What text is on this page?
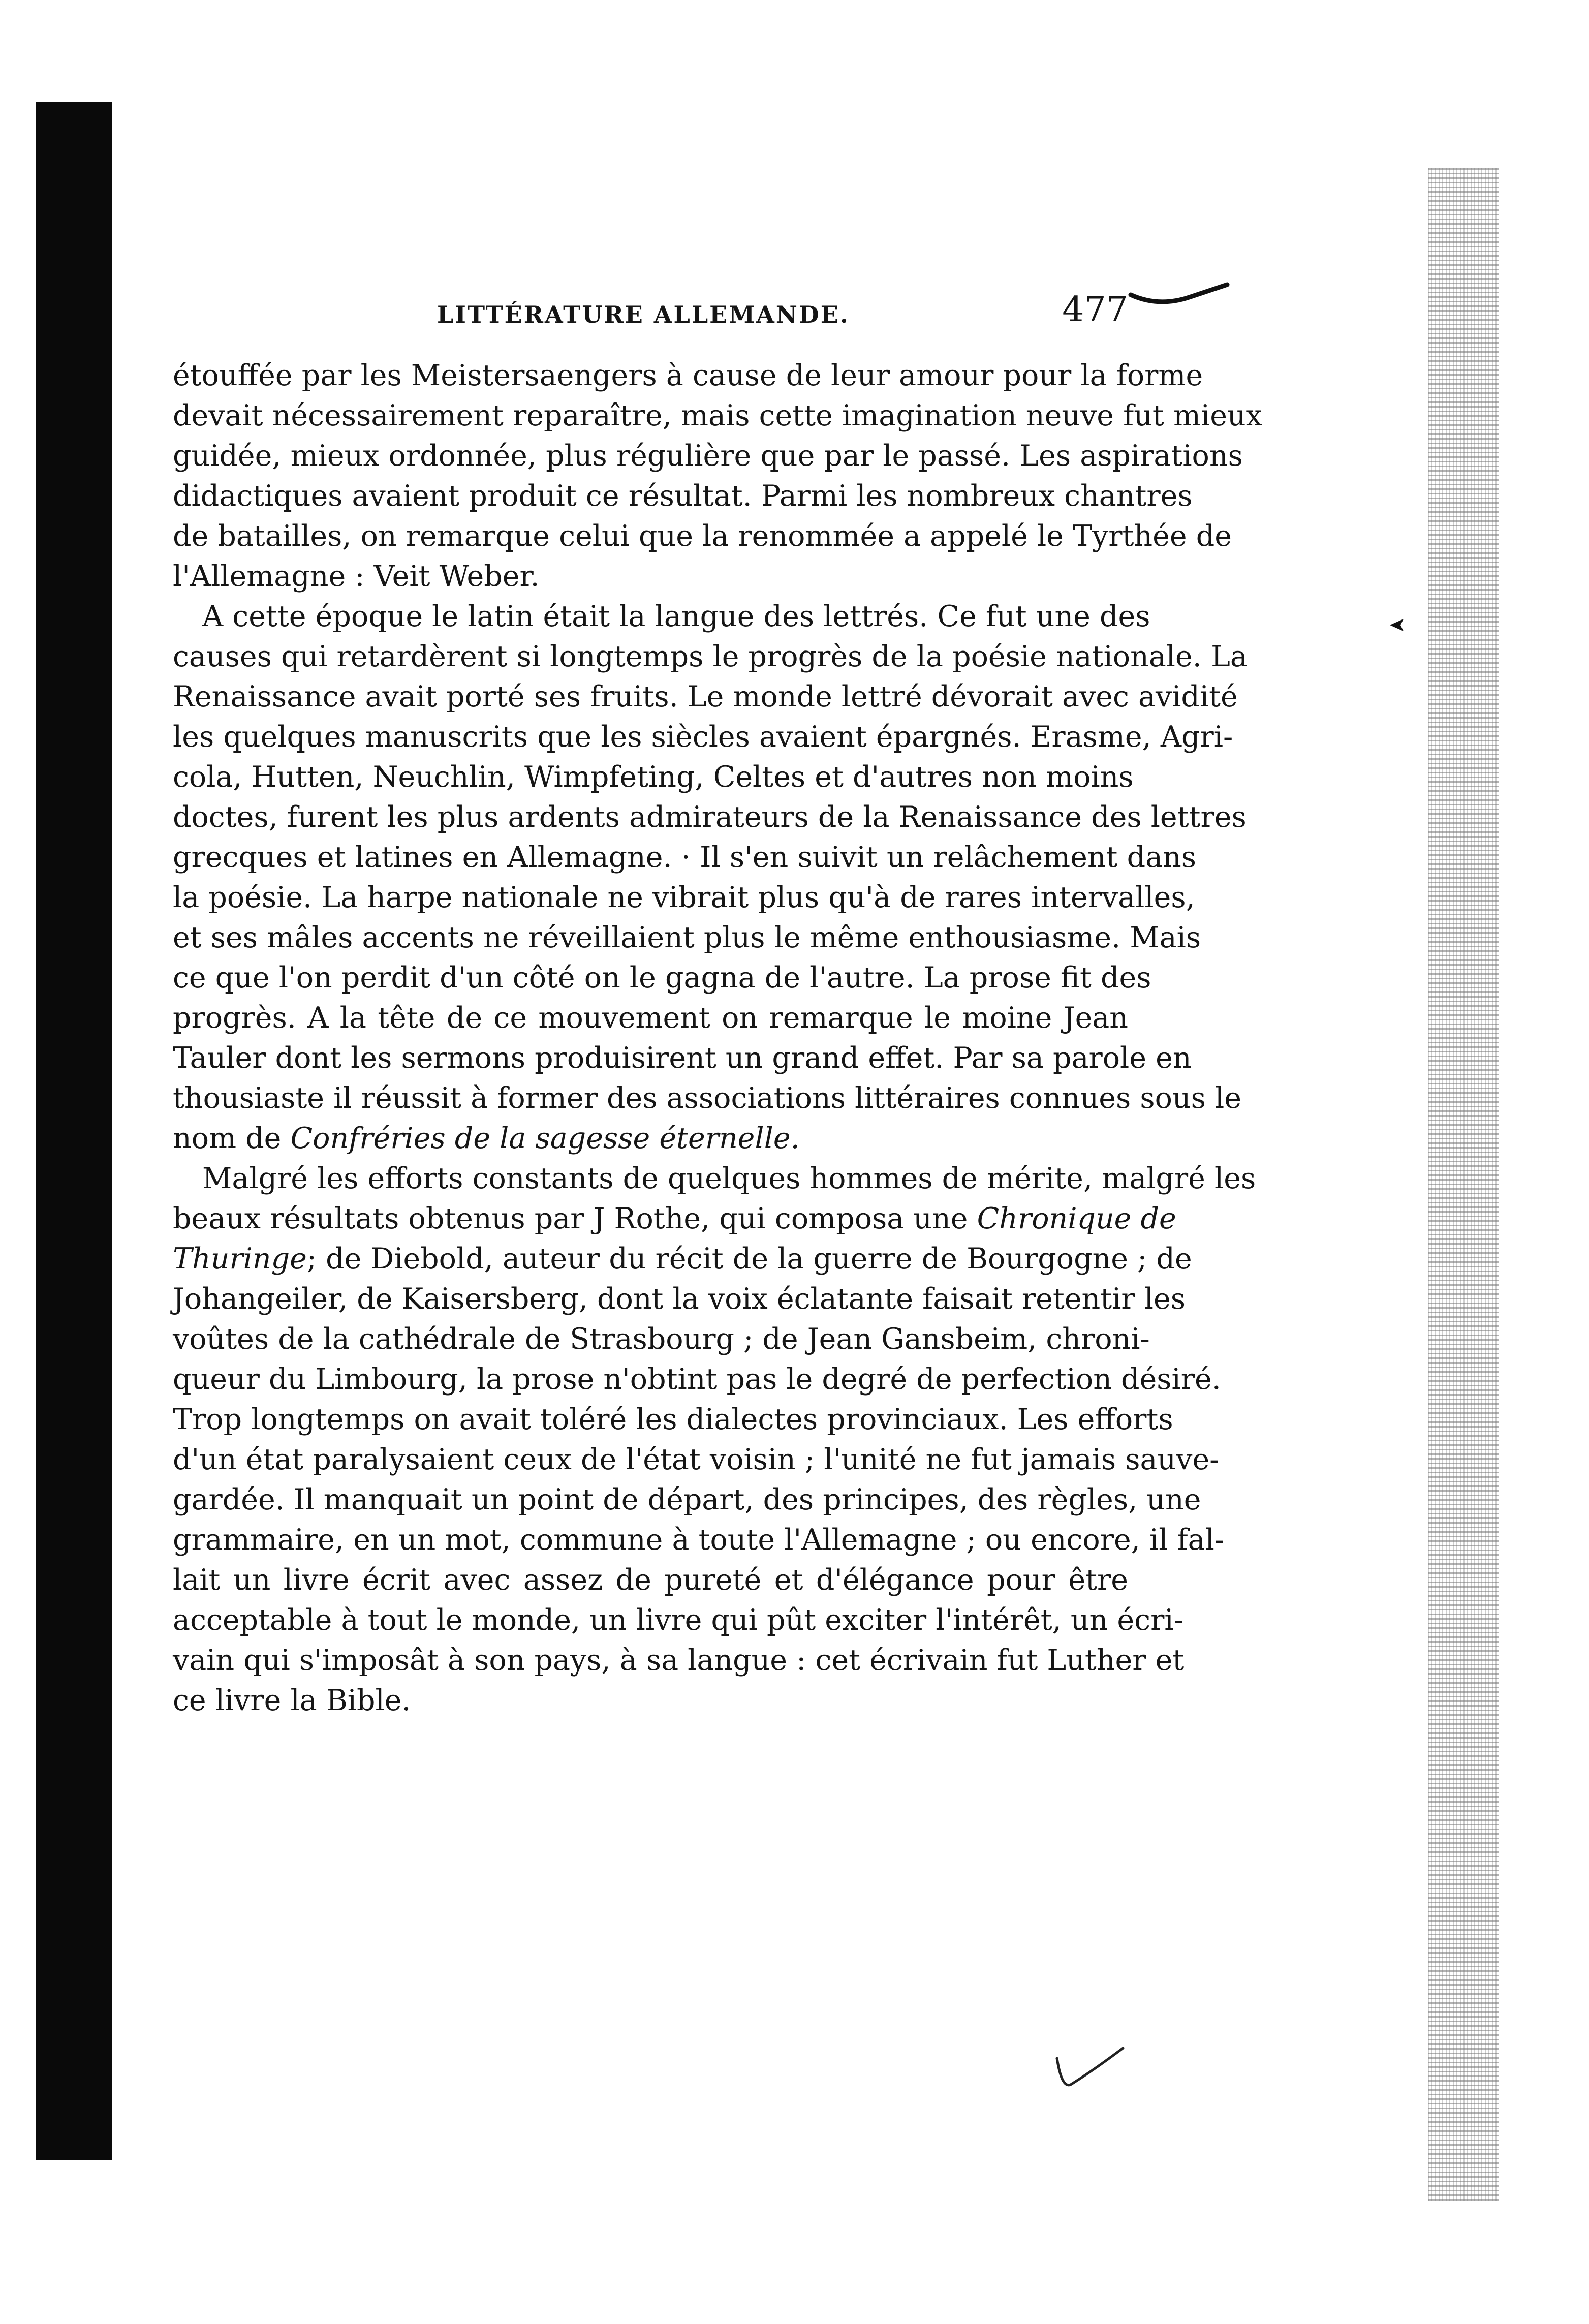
LITTÉRATURE ALLEMANDE.	477

étouffée par les Meistersaengers à cause de leur amour pour la forme
devait nécessairement reparaître, mais cette imagination neuve fut mieux
guidée, mieux ordonnée, plus régulière que par le passé. Les aspirations
didactiques avaient produit ce résultat. Parmi les nombreux chantres
de batailles, on remarque celui que la renommée a appelé le Tyrthée de
l'Allemagne : Veit Weber.

A cette époque le latin était la langue des lettrés. Ce fut une des
causes qui retardèrent si longtemps le progrès de la poésie nationale. La
Renaissance avait porté ses fruits. Le monde lettré dévorait avec avidité
les quelques manuscrits que les siècles avaient épargnés. Erasme, Agri-
cola, Hutten, Neuchlin, Wimpfeting, Celtes et d'autres non moins
doctes, furent les plus ardents admirateurs de la Renaissance des lettres
grecques et latines en Allemagne. · Il s'en suivit un relâchement dans
la poésie. La harpe nationale ne vibrait plus qu'à de rares intervalles,
et ses mâles accents ne réveillaient plus le même enthousiasme. Mais
ce que l'on perdit d'un côté on le gagna de l'autre. La prose fit des
progrès. A la tête de ce mouvement on remarque le moine Jean
Tauler dont les sermons produisirent un grand effet. Par sa parole en
thousiaste il réussit à former des associations littéraires connues sous le
nom de Confréries de la sagesse éternelle.

Malgré les efforts constants de quelques hommes de mérite, malgré les
beaux résultats obtenus par J Rothe, qui composa une Chronique de
Thuringe; de Diebold, auteur du récit de la guerre de Bourgogne ; de
Johangeiler, de Kaisersberg, dont la voix éclatante faisait retentir les
voûtes de la cathédrale de Strasbourg ; de Jean Gansbeim, chroni-
queur du Limbourg, la prose n'obtint pas le degré de perfection désiré.
Trop longtemps on avait toléré les dialectes provinciaux. Les efforts
d'un état paralysaient ceux de l'état voisin ; l'unité ne fut jamais sauve-
gardée. Il manquait un point de départ, des principes, des règles, une
grammaire, en un mot, commune à toute l'Allemagne ; ou encore, il fal-
lait un livre écrit avec assez de pureté et d'élégance pour être
acceptable à tout le monde, un livre qui pût exciter l'intérêt, un écri-
vain qui s'imposât à son pays, à sa langue : cet écrivain fut Luther et
ce livre la Bible.
